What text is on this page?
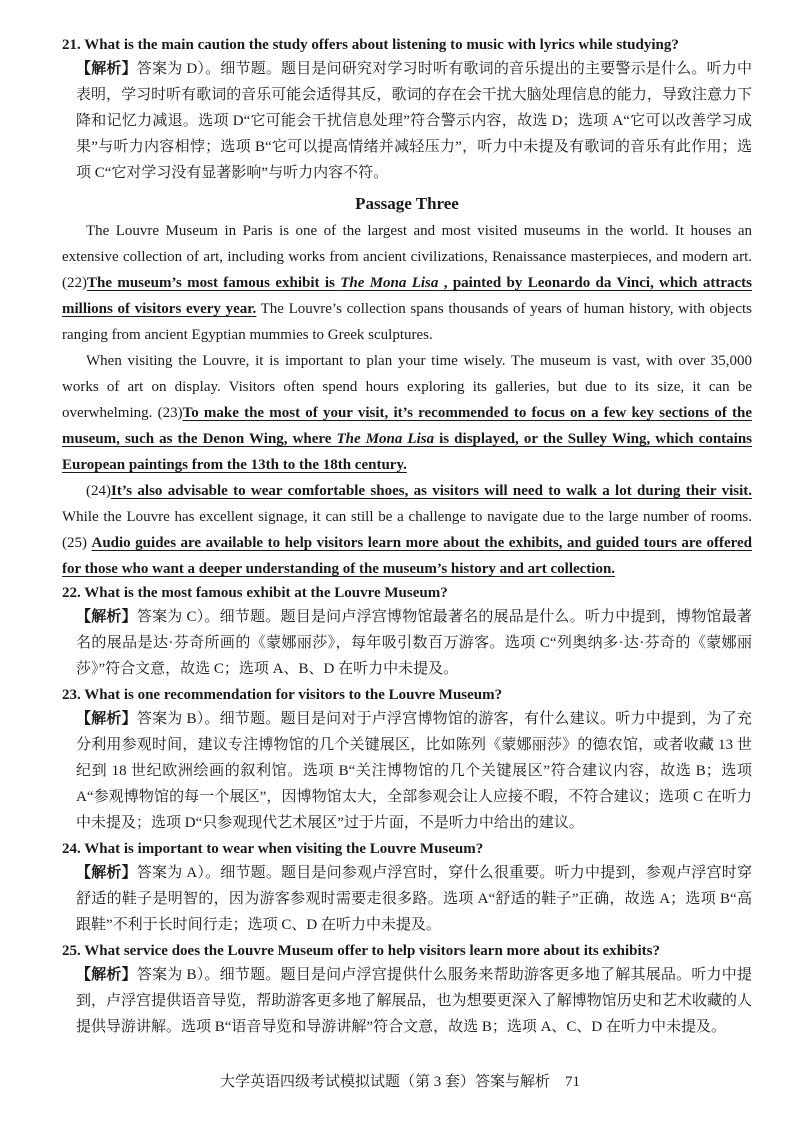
21. What is the main caution the study offers about listening to music with lyrics while studying?

【解析】答案为 D）。细节题。题目是问研究对学习时听有歌词的音乐提出的主要警示是什么。听力中表明，学习时听有歌词的音乐可能会适得其反，歌词的存在会干扰大脑处理信息的能力，导致注意力下降和记忆力减退。选项 D“它可能会干扰信息处理”符合警示内容，故选 D；选项 A“它可以改善学习成果”与听力内容相悖；选项 B“它可以提高情绪并减轻压力”，听力中未提及有歌词的音乐有此作用；选项 C“它对学习没有显著影响”与听力内容不符。

Passage Three

The Louvre Museum in Paris is one of the largest and most visited museums in the world. It houses an extensive collection of art, including works from ancient civilizations, Renaissance masterpieces, and modern art. (22)The museum’s most famous exhibit is The Mona Lisa , painted by Leonardo da Vinci, which attracts millions of visitors every year. The Louvre’s collection spans thousands of years of human history, with objects ranging from ancient Egyptian mummies to Greek sculptures.

When visiting the Louvre, it is important to plan your time wisely. The museum is vast, with over 35,000 works of art on display. Visitors often spend hours exploring its galleries, but due to its size, it can be overwhelming. (23)To make the most of your visit, it’s recommended to focus on a few key sections of the museum, such as the Denon Wing, where The Mona Lisa is displayed, or the Sulley Wing, which contains European paintings from the 13th to the 18th century.

(24)It’s also advisable to wear comfortable shoes, as visitors will need to walk a lot during their visit. While the Louvre has excellent signage, it can still be a challenge to navigate due to the large number of rooms. (25) Audio guides are available to help visitors learn more about the exhibits, and guided tours are offered for those who want a deeper understanding of the museum’s history and art collection.

22. What is the most famous exhibit at the Louvre Museum?

【解析】答案为 C）。细节题。题目是问卢浮宫博物馆最著名的展品是什么。听力中提到，博物馆最著名的展品是达·芬奇所画的《蒙娜丽莎》，每年吸引数百万游客。选项 C“列奥纳多·达·芬奇的《蒙娜丽莎》”符合文意，故选 C；选项 A、B、D 在听力中未提及。

23. What is one recommendation for visitors to the Louvre Museum?

【解析】答案为 B）。细节题。题目是问对于卢浮宫博物馆的游客，有什么建议。听力中提到，为了充分利用参观时间，建议专注博物馆的几个关键展区，比如陈列《蒙娜丽莎》的德农馆，或者收藏 13 世纪到 18 世纪欧洲绘画的叙利馆。选项 B“关注博物馆的几个关键展区”符合建议内容，故选 B；选项 A“参观博物馆的每一个展区”，因博物馆太大，全部参观会让人应接不暇，不符合建议；选项 C 在听力中未提及；选项 D“只参观现代艺术展区”过于片面，不是听力中给出的建议。

24. What is important to wear when visiting the Louvre Museum?

【解析】答案为 A）。细节题。题目是问参观卢浮宫时，穿什么很重要。听力中提到，参观卢浮宫时穿舒适的鞋子是明智的，因为游客参观时需要走很多路。选项 A“舒适的鞋子”正确，故选 A；选项 B“高跟鞋”不利于长时间行走；选项 C、D 在听力中未提及。

25. What service does the Louvre Museum offer to help visitors learn more about its exhibits?

【解析】答案为 B）。细节题。题目是问卢浮宫提供什么服务来帮助游客更多地了解其展品。听力中提到，卢浮宫提供语音导览，帮助游客更多地了解展品，也为想要更深入了解博物馆历史和艺术收藏的人提供导游讲解。选项 B“语音导览和导游讲解”符合文意，故选 B；选项 A、C、D 在听力中未提及。

大学英语四级考试模拟试题（第 3 套）答案与解析　71
